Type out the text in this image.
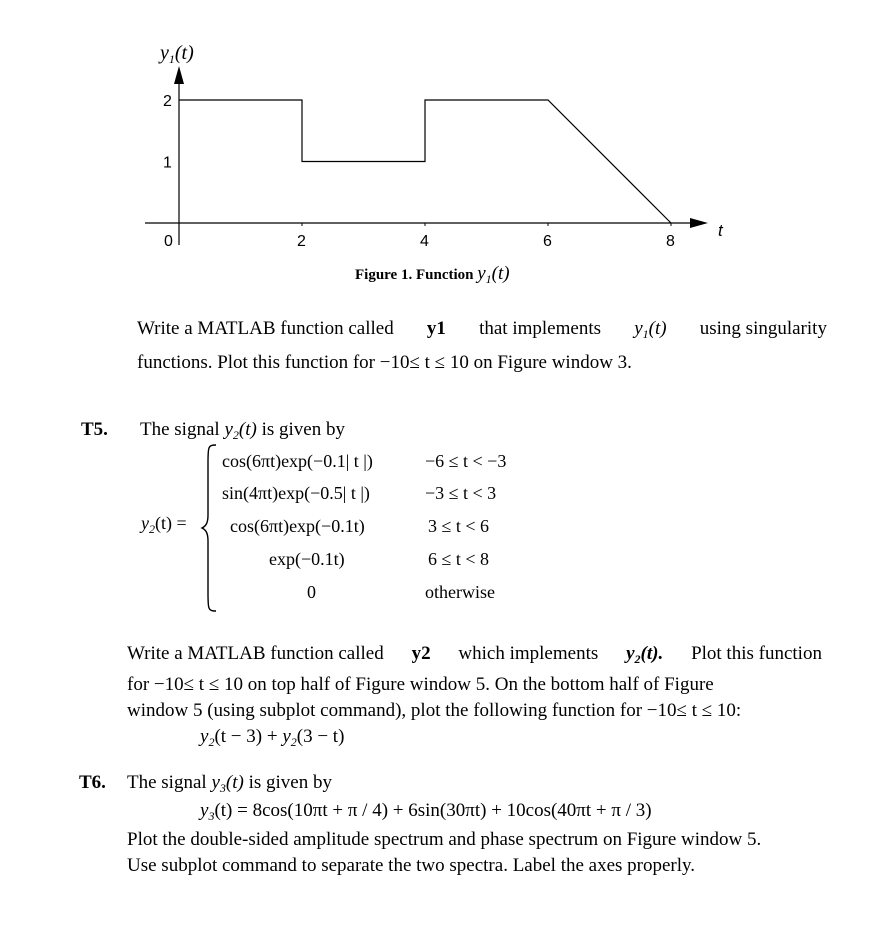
$y_1(t)$
t
2
1
0	2	4	6	8
Figure 1. Function $y_1(t)$
Write a MATLAB function called y1 that implements $y_1(t)$ using singularity
functions. Plot this function for −10≤ t ≤ 10 on Figure window 3.
T5. The signal $y_2(t)$ is given by
$y_2(t)$ =
cos(6πt)exp(−0.1| t |)	−6 ≤ t < −3
sin(4πt)exp(−0.5| t |)	−3 ≤ t < 3
cos(6πt)exp(−0.1t)	3 ≤ t < 6
exp(−0.1t)	6 ≤ t < 8
0	otherwise
Write a MATLAB function called y2 which implements $y_2(t)$. Plot this function
for −10≤ t ≤ 10 on top half of Figure window 5. On the bottom half of Figure
window 5 (using subplot command), plot the following function for −10≤ t ≤ 10:
$y_2(t - 3) + y_2(3 - t)$
T6. The signal $y_3(t)$ is given by
$y_3(t) = 8\cos(10\pi t + \pi / 4) + 6\sin(30\pi t) + 10\cos(40\pi t + \pi / 3)$
Plot the double-sided amplitude spectrum and phase spectrum on Figure window 5.
Use subplot command to separate the two spectra. Label the axes properly.
